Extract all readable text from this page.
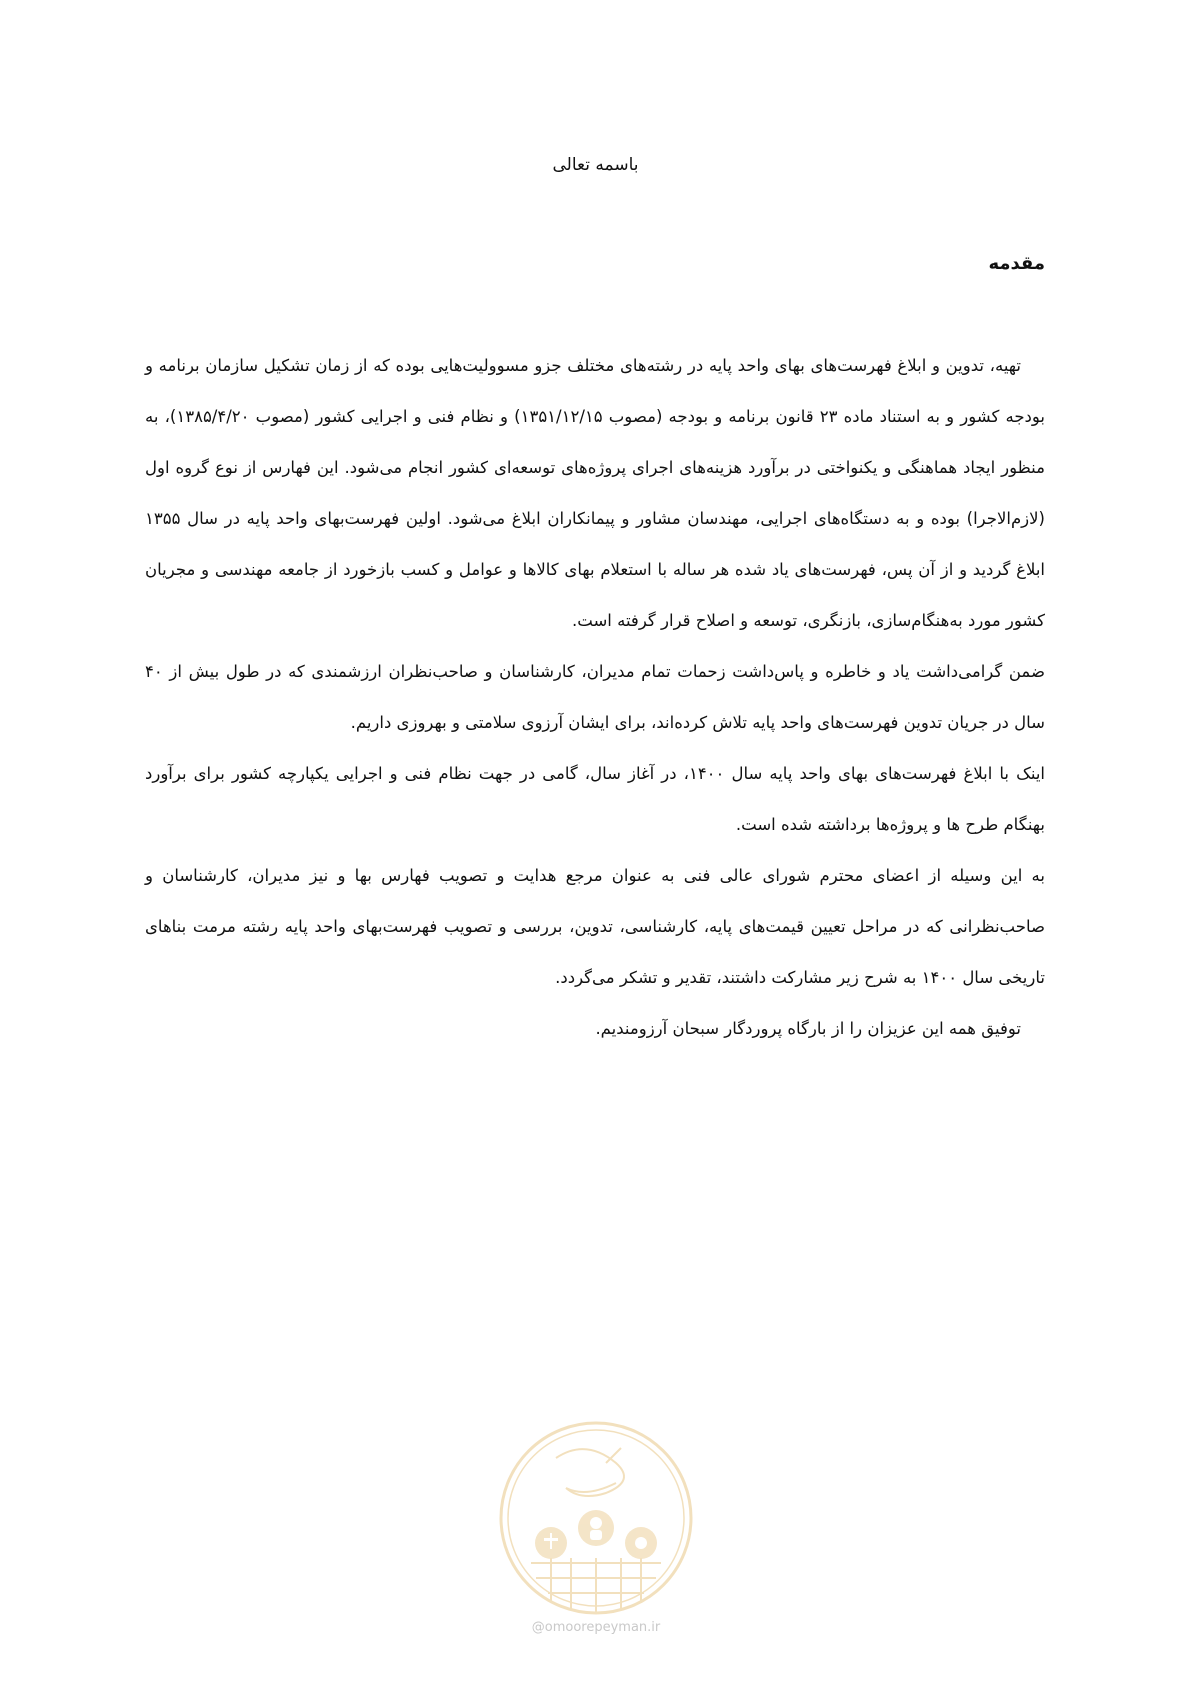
باسمه تعالی
مقدمه

تهیه، تدوین و ابلاغ فهرست‌های بهای واحد پایه در رشته‌های مختلف جزو مسوولیت‌هایی بوده که از زمان تشکیل سازمان برنامه و بودجه کشور و به استناد ماده ۲۳ قانون برنامه و بودجه (مصوب ۱۳۵۱/۱۲/۱۵) و نظام فنی و اجرایی کشور (مصوب ۱۳۸۵/۴/۲۰)، به منظور ایجاد هماهنگی و یکنواختی در برآورد هزینه‌های اجرای پروژه‌های توسعه‌ای کشور انجام می‌شود. این فهارس از نوع گروه اول (لازم‌الاجرا) بوده و به دستگاه‌های اجرایی، مهندسان مشاور و پیمانکاران ابلاغ می‌شود. اولین فهرست‌بهای واحد پایه در سال ۱۳۵۵ ابلاغ گردید و از آن پس، فهرست‌های یاد شده هر ساله با استعلام بهای کالاها و عوامل و کسب بازخورد از جامعه مهندسی و مجریان کشور مورد به‌هنگام‌سازی، بازنگری، توسعه و اصلاح قرار گرفته است.

ضمن گرامی‌داشت یاد و خاطره و پاس‌داشت زحمات تمام مدیران، کارشناسان و صاحب‌نظران ارزشمندی که در طول بیش از ۴۰ سال در جریان تدوین فهرست‌های واحد پایه تلاش کرده‌اند، برای ایشان آرزوی سلامتی و بهروزی داریم.

اینک با ابلاغ فهرست‌های بهای واحد پایه سال ۱۴۰۰، در آغاز سال، گامی در جهت نظام فنی و اجرایی یکپارچه کشور برای برآورد بهنگام طرح ها و پروژه‌ها برداشته شده است.

به این وسیله از اعضای محترم شورای عالی فنی به عنوان مرجع هدایت و تصویب فهارس بها و نیز مدیران، کارشناسان و صاحب‌نظرانی که در مراحل تعیین قیمت‌های پایه، کارشناسی، تدوین، بررسی و تصویب فهرست‌بهای واحد پایه رشته مرمت بناهای تاریخی سال ۱۴۰۰ به شرح زیر مشارکت داشتند، تقدیر و تشکر می‌گردد.

توفیق همه این عزیزان را از بارگاه پروردگار سبحان آرزومندیم.

@omoorepeyman.ir
